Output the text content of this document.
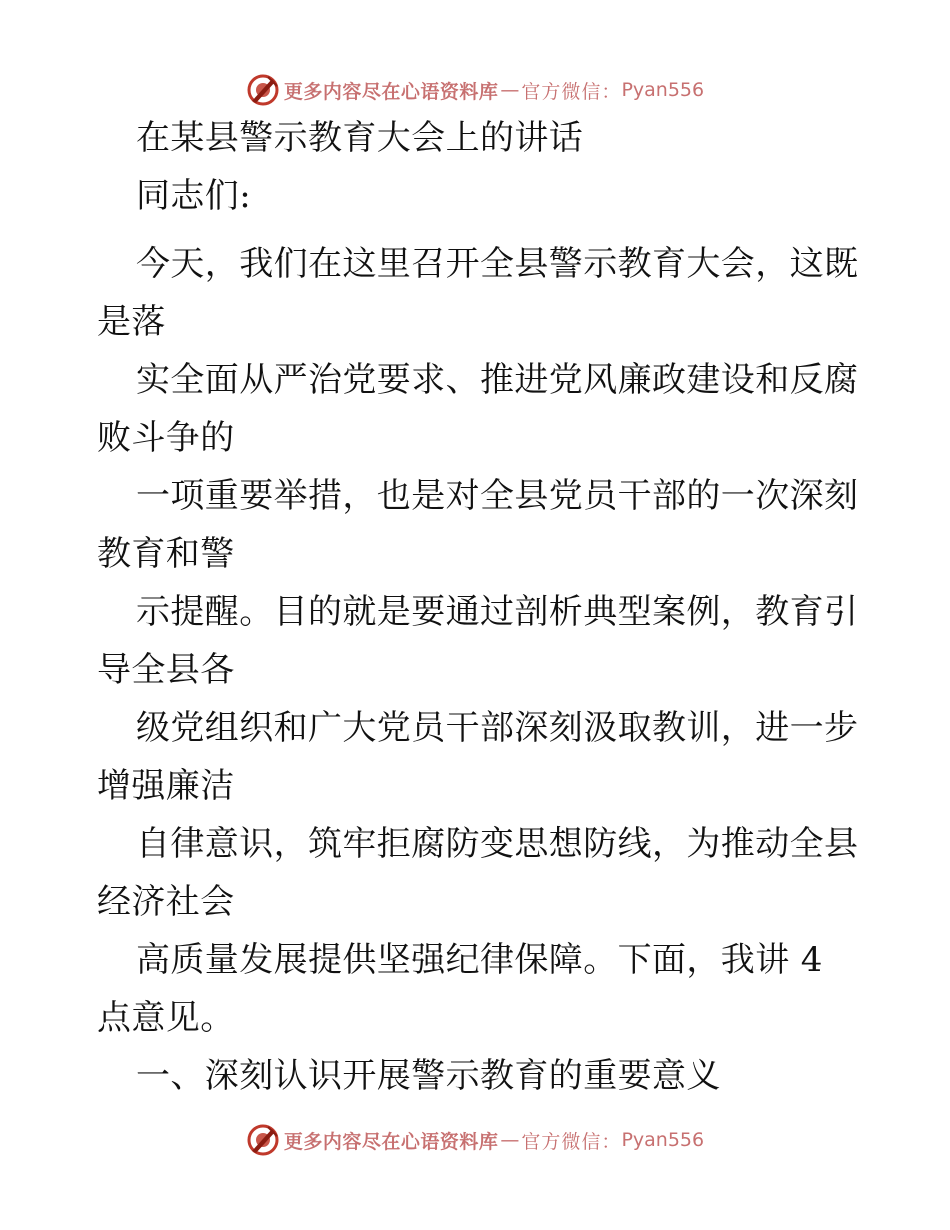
更多内容尽在心语资料库 — 官方微信： Pyan556
在某县警示教育大会上的讲话
同志们:
今天，我们在这里召开全县警示教育大会，这既
是落
实全面从严治党要求、推进党风廉政建设和反腐
败斗争的
一项重要举措，也是对全县党员干部的一次深刻
教育和警
示提醒。目的就是要通过剖析典型案例，教育引
导全县各
级党组织和广大党员干部深刻汲取教训，进一步
增强廉洁
自律意识，筑牢拒腐防变思想防线，为推动全县
经济社会
高质量发展提供坚强纪律保障。下面，我讲 4
点意见。
一、深刻认识开展警示教育的重要意义
更多内容尽在心语资料库 — 官方微信： Pyan556
